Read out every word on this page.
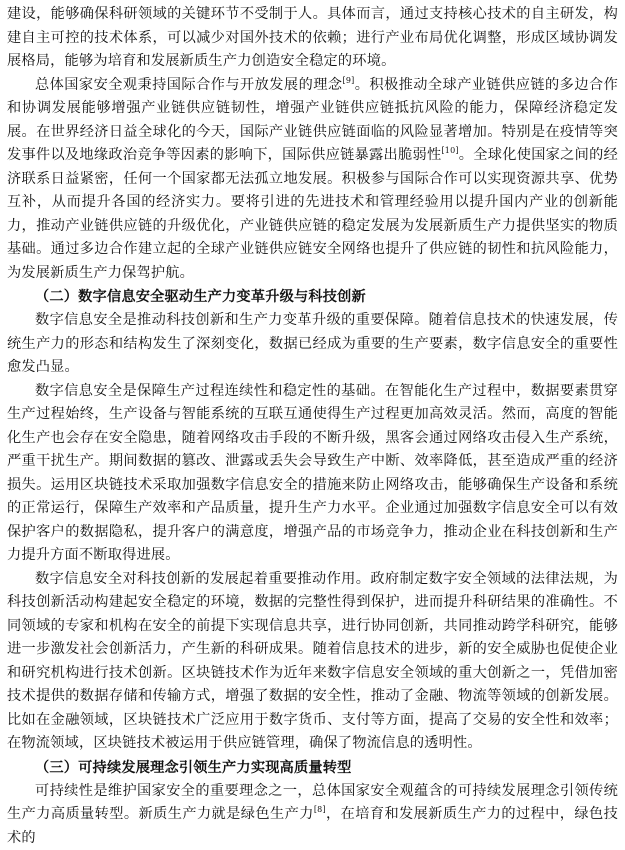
建设，能够确保科研领域的关键环节不受制于人。具体而言，通过支持核心技术的自主研发，构建自主可控的技术体系，可以减少对国外技术的依赖；进行产业布局优化调整，形成区域协调发展格局，能够为培育和发展新质生产力创造安全稳定的环境。

总体国家安全观秉持国际合作与开放发展的理念[9]。积极推动全球产业链供应链的多边合作和协调发展能够增强产业链供应链韧性，增强产业链供应链抵抗风险的能力，保障经济稳定发展。在世界经济日益全球化的今天，国际产业链供应链面临的风险显著增加。特别是在疫情等突发事件以及地缘政治竞争等因素的影响下，国际供应链暴露出脆弱性[10]。全球化使国家之间的经济联系日益紧密，任何一个国家都无法孤立地发展。积极参与国际合作可以实现资源共享、优势互补，从而提升各国的经济实力。要将引进的先进技术和管理经验用以提升国内产业的创新能力，推动产业链供应链的升级优化，产业链供应链的稳定发展为发展新质生产力提供坚实的物质基础。通过多边合作建立起的全球产业链供应链安全网络也提升了供应链的韧性和抗风险能力，为发展新质生产力保驾护航。

（二）数字信息安全驱动生产力变革升级与科技创新

数字信息安全是推动科技创新和生产力变革升级的重要保障。随着信息技术的快速发展，传统生产力的形态和结构发生了深刻变化，数据已经成为重要的生产要素，数字信息安全的重要性愈发凸显。

数字信息安全是保障生产过程连续性和稳定性的基础。在智能化生产过程中，数据要素贯穿生产过程始终，生产设备与智能系统的互联互通使得生产过程更加高效灵活。然而，高度的智能化生产也会存在安全隐患，随着网络攻击手段的不断升级，黑客会通过网络攻击侵入生产系统，严重干扰生产。期间数据的篡改、泄露或丢失会导致生产中断、效率降低，甚至造成严重的经济损失。运用区块链技术采取加强数字信息安全的措施来防止网络攻击，能够确保生产设备和系统的正常运行，保障生产效率和产品质量，提升生产力水平。企业通过加强数字信息安全可以有效保护客户的数据隐私，提升客户的满意度，增强产品的市场竞争力，推动企业在科技创新和生产力提升方面不断取得进展。

数字信息安全对科技创新的发展起着重要推动作用。政府制定数字安全领域的法律法规，为科技创新活动构建起安全稳定的环境，数据的完整性得到保护，进而提升科研结果的准确性。不同领域的专家和机构在安全的前提下实现信息共享，进行协同创新，共同推动跨学科研究，能够进一步激发社会创新活力，产生新的科研成果。随着信息技术的进步，新的安全威胁也促使企业和研究机构进行技术创新。区块链技术作为近年来数字信息安全领域的重大创新之一，凭借加密技术提供的数据存储和传输方式，增强了数据的安全性，推动了金融、物流等领域的创新发展。比如在金融领域，区块链技术广泛应用于数字货币、支付等方面，提高了交易的安全性和效率；在物流领域，区块链技术被运用于供应链管理，确保了物流信息的透明性。

（三）可持续发展理念引领生产力实现高质量转型

可持续性是维护国家安全的重要理念之一，总体国家安全观蕴含的可持续发展理念引领传统生产力高质量转型。新质生产力就是绿色生产力[8]，在培育和发展新质生产力的过程中，绿色技术的
